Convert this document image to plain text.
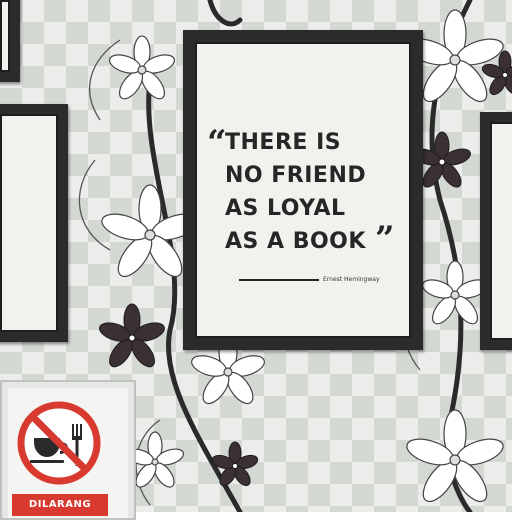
“
THERE IS
NO FRIEND
AS LOYAL
AS A BOOK ”
Ernest Hemingway
DILARANG
